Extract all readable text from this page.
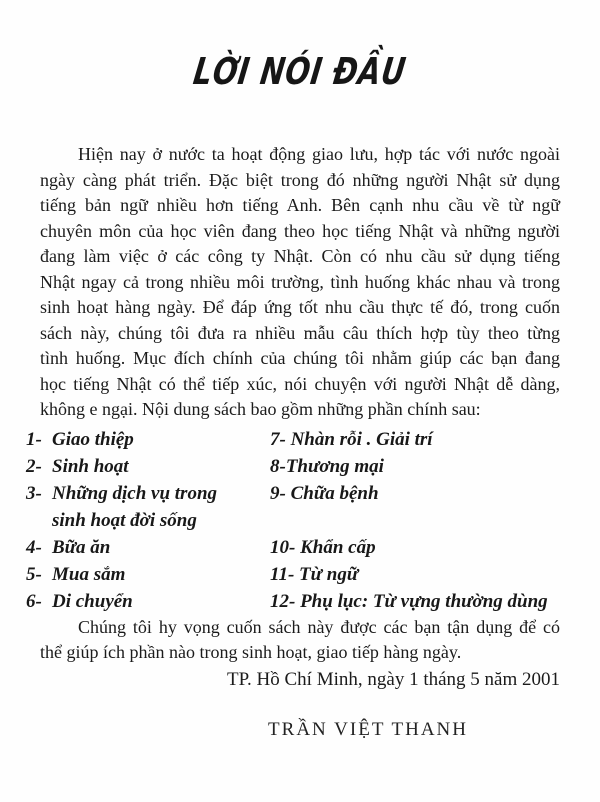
LỜI NÓI ĐẦU
Hiện nay ở nước ta hoạt động giao lưu, hợp tác với nước ngoài
ngày càng phát triển. Đặc biệt trong đó những người Nhật sử dụng
tiếng bản ngữ nhiều hơn tiếng Anh. Bên cạnh nhu cầu về từ ngữ
chuyên môn của học viên đang theo học tiếng Nhật và những người
đang làm việc ở các công ty Nhật. Còn có nhu cầu sử dụng tiếng
Nhật ngay cả trong nhiều môi trường, tình huống khác nhau và trong
sinh hoạt hàng ngày. Để đáp ứng tốt nhu cầu thực tế đó, trong cuốn
sách này, chúng tôi đưa ra nhiều mẫu câu thích hợp tùy theo từng
tình huống. Mục đích chính của chúng tôi nhằm giúp các bạn đang
học tiếng Nhật có thể tiếp xúc, nói chuyện với người Nhật dễ dàng,
không e ngại. Nội dung sách bao gồm những phần chính sau:
1- Giao thiệp	7- Nhàn rỗi . Giải trí
2- Sinh hoạt	8-Thương mại
3- Những dịch vụ trong	9- Chữa bệnh
sinh hoạt đời sống
4- Bữa ăn	10- Khẩn cấp
5- Mua sắm	11- Từ ngữ
6- Di chuyển	12- Phụ lục: Từ vựng thường dùng
Chúng tôi hy vọng cuốn sách này được các bạn tận dụng để có
thể giúp ích phần nào trong sinh hoạt, giao tiếp hàng ngày.
TP. Hồ Chí Minh, ngày 1 tháng 5 năm 2001
TRẦN VIỆT THANH
